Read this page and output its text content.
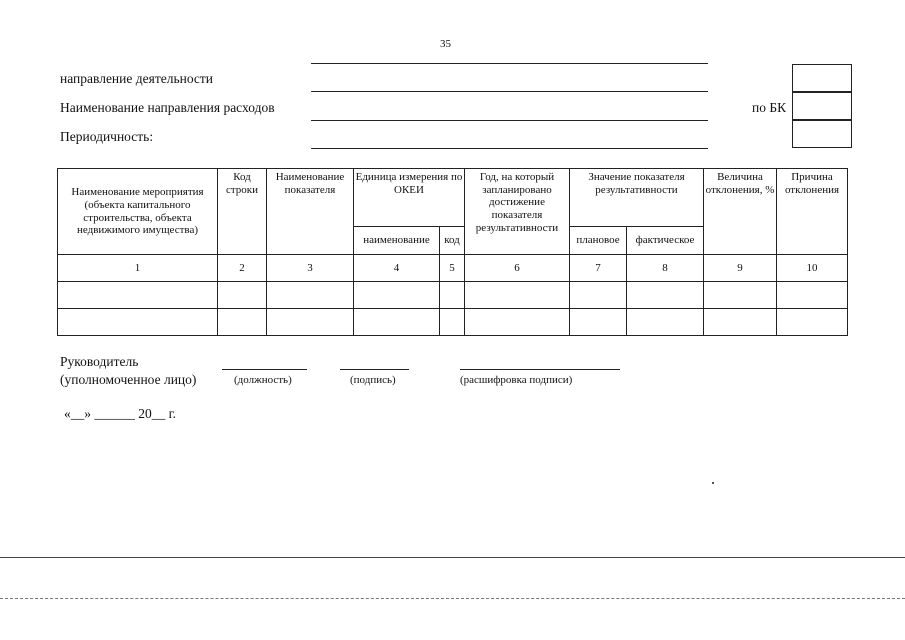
35
направление деятельности
Наименование направления расходов
Периодичность:
по БК
Наименование мероприятия (объекта капитального строительства, объекта недвижимого имущества)	Код строки	Наименование показателя	Единица измерения по ОКЕИ		Год, на который запланировано достижение показателя результативности	Значение показателя результативности		Величина отклонения, %	Причина отклонения
			наименование	код		плановое	фактическое		
1	2	3	4	5	6	7	8	9	10

Руководитель
(уполномоченное лицо)	(должность)	(подпись)	(расшифровка подписи)
«__» ______ 20__ г.
